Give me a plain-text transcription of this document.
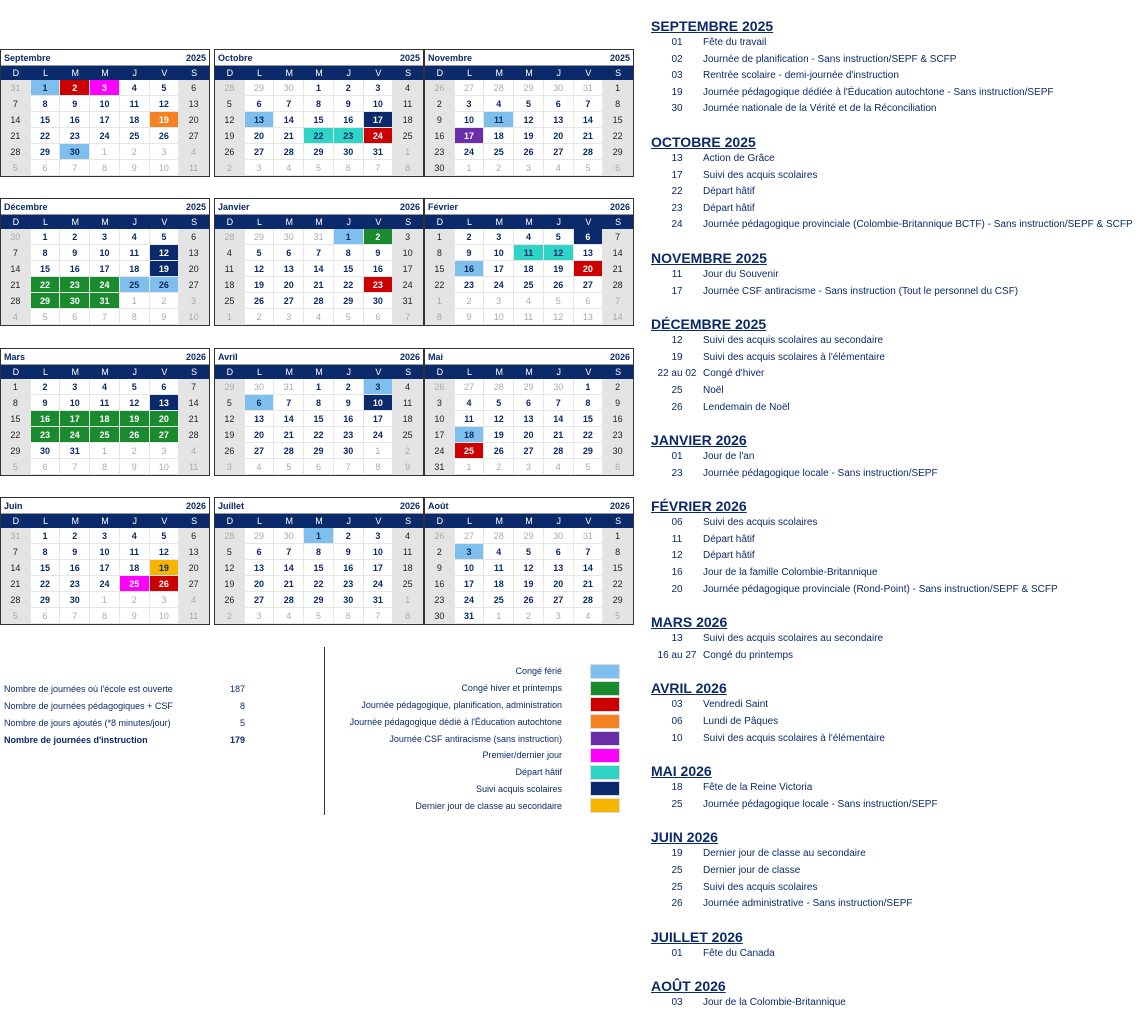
Septembre	2025
D	L	M	M	J	V	S
31	1	2	3	4	5	6
7	8	9	10	11	12	13
14	15	16	17	18	19	20
21	22	23	24	25	26	27
28	29	30	1	2	3	4
5	6	7	8	9	10	11
Octobre	2025
D	L	M	M	J	V	S
28	29	30	1	2	3	4
5	6	7	8	9	10	11
12	13	14	15	16	17	18
19	20	21	22	23	24	25
26	27	28	29	30	31	1
2	3	4	5	6	7	8
Novembre	2025
D	L	M	M	J	V	S
26	27	28	29	30	31	1
2	3	4	5	6	7	8
9	10	11	12	13	14	15
16	17	18	19	20	21	22
23	24	25	26	27	28	29
30	1	2	3	4	5	6
Décembre	2025
D	L	M	M	J	V	S
30	1	2	3	4	5	6
7	8	9	10	11	12	13
14	15	16	17	18	19	20
21	22	23	24	25	26	27
28	29	30	31	1	2	3
4	5	6	7	8	9	10
Janvier	2026
D	L	M	M	J	V	S
28	29	30	31	1	2	3
4	5	6	7	8	9	10
11	12	13	14	15	16	17
18	19	20	21	22	23	24
25	26	27	28	29	30	31
1	2	3	4	5	6	7
Février	2026
D	L	M	M	J	V	S
1	2	3	4	5	6	7
8	9	10	11	12	13	14
15	16	17	18	19	20	21
22	23	24	25	26	27	28
1	2	3	4	5	6	7
8	9	10	11	12	13	14
Mars	2026
D	L	M	M	J	V	S
1	2	3	4	5	6	7
8	9	10	11	12	13	14
15	16	17	18	19	20	21
22	23	24	25	26	27	28
29	30	31	1	2	3	4
5	6	7	8	9	10	11
Avril	2026
D	L	M	M	J	V	S
29	30	31	1	2	3	4
5	6	7	8	9	10	11
12	13	14	15	16	17	18
19	20	21	22	23	24	25
26	27	28	29	30	1	2
3	4	5	6	7	8	9
Mai	2026
D	L	M	M	J	V	S
26	27	28	29	30	1	2
3	4	5	6	7	8	9
10	11	12	13	14	15	16
17	18	19	20	21	22	23
24	25	26	27	28	29	30
31	1	2	3	4	5	6
Juin	2026
D	L	M	M	J	V	S
31	1	2	3	4	5	6
7	8	9	10	11	12	13
14	15	16	17	18	19	20
21	22	23	24	25	26	27
28	29	30	1	2	3	4
5	6	7	8	9	10	11
Juillet	2026
D	L	M	M	J	V	S
28	29	30	1	2	3	4
5	6	7	8	9	10	11
12	13	14	15	16	17	18
19	20	21	22	23	24	25
26	27	28	29	30	31	1
2	3	4	5	6	7	8
Août	2026
D	L	M	M	J	V	S
26	27	28	29	30	31	1
2	3	4	5	6	7	8
9	10	11	12	13	14	15
16	17	18	19	20	21	22
23	24	25	26	27	28	29
30	31	1	2	3	4	5
Nombre de journées où l'école est ouverte	187
Nombre de journées pédagogiques + CSF	8
Nombre de jours ajoutés (*8 minutes/jour)	5
Nombre de journées d'instruction	179
Congé férié
Congé hiver et printemps
Journée pédagogique, planification, administration
Journée pédagogique dédié à l'Éducation autochtone
Journée CSF antiracisme (sans instruction)
Premier/dernier jour
Départ hâtif
Suivi acquis scolaires
Dernier jour de classe au secondaire
SEPTEMBRE 2025
01	Fête du travail
02	Journée de planification - Sans instruction/SEPF & SCFP
03	Rentrée scolaire - demi-journée d'instruction
19	Journée pédagogique dédiée à l'Éducation autochtone - Sans instruction/SEPF
30	Journée nationale de la Vérité et de la Réconciliation
OCTOBRE 2025
13	Action de Grâce
17	Suivi des acquis scolaires
22	Départ hâtif
23	Départ hâtif
24	Journée pédagogique provinciale (Colombie-Britannique BCTF) - Sans instruction/SEPF & SCFP
NOVEMBRE 2025
11	Jour du Souvenir
17	Journée CSF antiracisme - Sans instruction (Tout le personnel du CSF)
DÉCEMBRE 2025
12	Suivi des acquis scolaires au secondaire
19	Suivi des acquis scolaires à l'élémentaire
22 au 02 Congé d'hiver
25	Noël
26	Lendemain de Noël
JANVIER 2026
01	Jour de l'an
23	Journée pédagogique locale - Sans instruction/SEPF
FÉVRIER 2026
06	Suivi des acquis scolaires
11	Départ hâtif
12	Départ hâtif
16	Jour de la famille Colombie-Britannique
20	Journée pédagogique provinciale (Rond-Point) - Sans instruction/SEPF & SCFP
MARS 2026
13	Suivi des acquis scolaires au secondaire
16 au 27 Congé du printemps
AVRIL 2026
03	Vendredi Saint
06	Lundi de Pâques
10	Suivi des acquis scolaires à l'élémentaire
MAI 2026
18	Fête de la Reine Victoria
25	Journée pédagogique locale - Sans instruction/SEPF
JUIN 2026
19	Dernier jour de classe au secondaire
25	Dernier jour de classe
25	Suivi des acquis scolaires
26	Journée administrative - Sans instruction/SEPF
JUILLET 2026
01	Fête du Canada
AOÛT 2026
03	Jour de la Colombie-Britannique
